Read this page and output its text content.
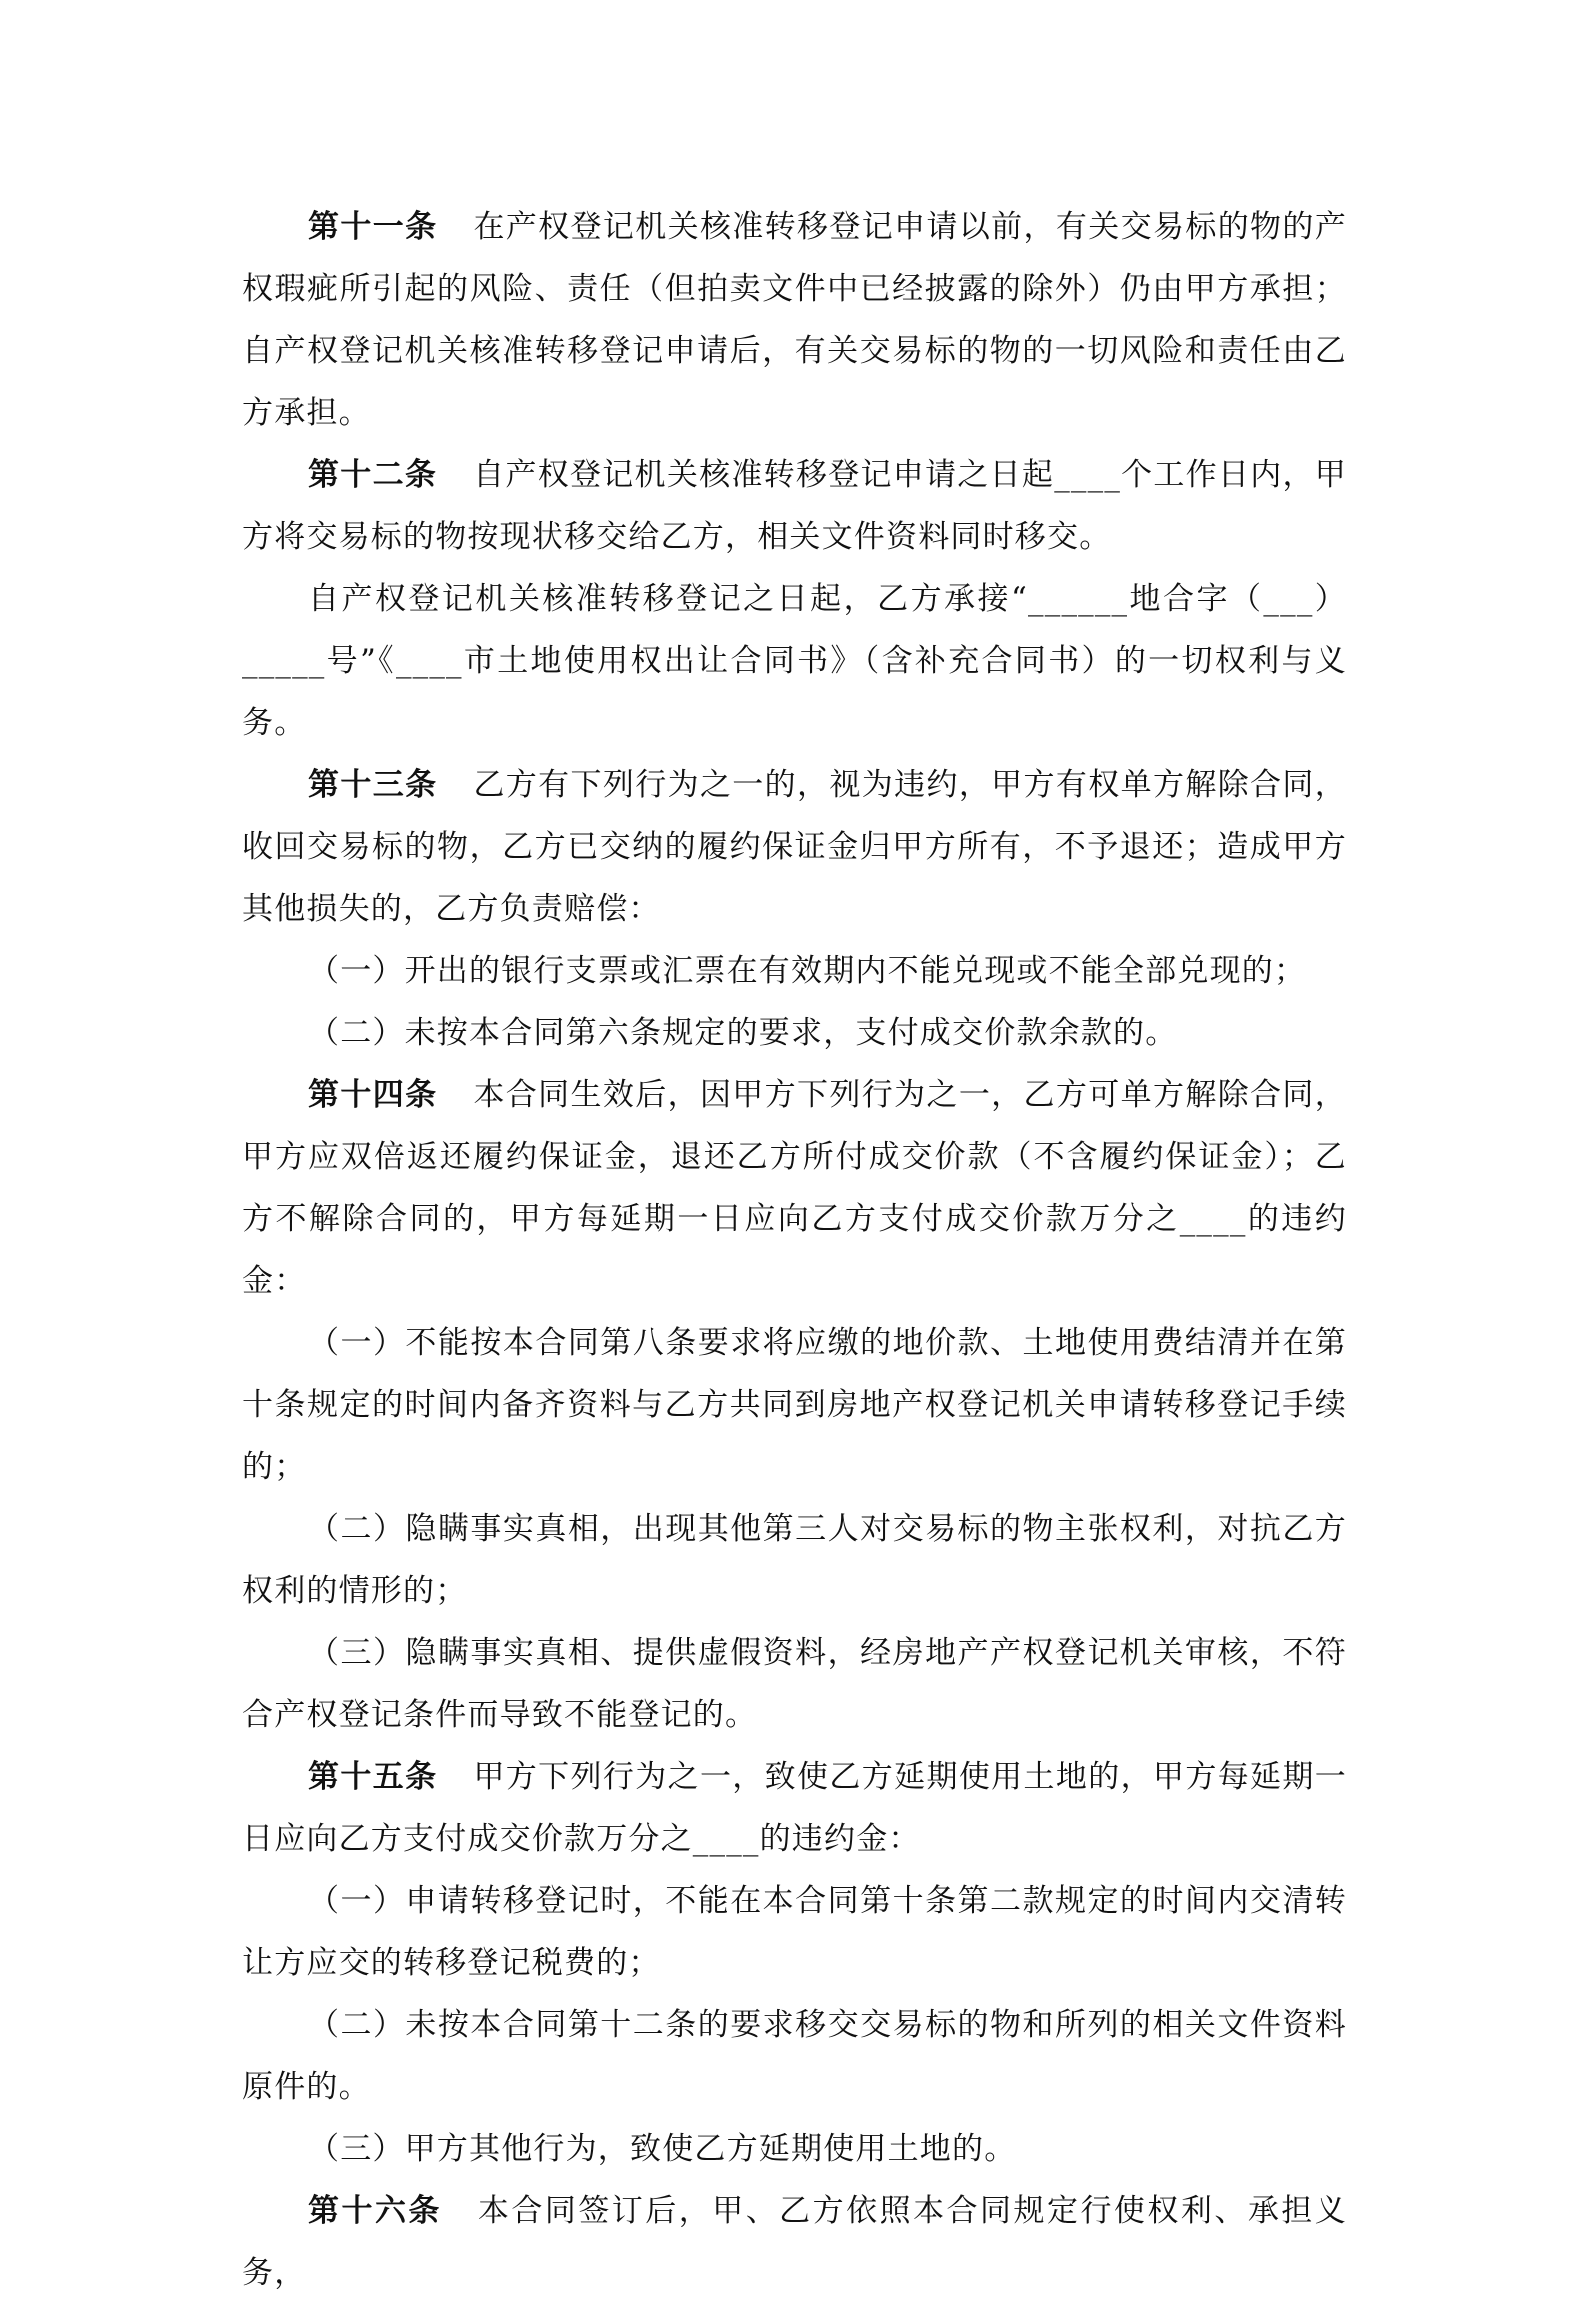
第十一条 在产权登记机关核准转移登记申请以前，有关交易标的物的产权瑕疵所引起的风险、责任（但拍卖文件中已经披露的除外）仍由甲方承担；自产权登记机关核准转移登记申请后，有关交易标的物的一切风险和责任由乙方承担。

第十二条 自产权登记机关核准转移登记申请之日起____个工作日内，甲方将交易标的物按现状移交给乙方，相关文件资料同时移交。

自产权登记机关核准转移登记之日起，乙方承接“______地合字（___）_____号”《____市土地使用权出让合同书》（含补充合同书）的一切权利与义务。

第十三条 乙方有下列行为之一的，视为违约，甲方有权单方解除合同，收回交易标的物，乙方已交纳的履约保证金归甲方所有，不予退还；造成甲方其他损失的，乙方负责赔偿：

（一）开出的银行支票或汇票在有效期内不能兑现或不能全部兑现的；

（二）未按本合同第六条规定的要求，支付成交价款余款的。

第十四条 本合同生效后，因甲方下列行为之一，乙方可单方解除合同，甲方应双倍返还履约保证金，退还乙方所付成交价款（不含履约保证金）；乙方不解除合同的，甲方每延期一日应向乙方支付成交价款万分之____的违约金：

（一）不能按本合同第八条要求将应缴的地价款、土地使用费结清并在第十条规定的时间内备齐资料与乙方共同到房地产权登记机关申请转移登记手续的；

（二）隐瞒事实真相，出现其他第三人对交易标的物主张权利，对抗乙方权利的情形的；

（三）隐瞒事实真相、提供虚假资料，经房地产产权登记机关审核，不符合产权登记条件而导致不能登记的。

第十五条 甲方下列行为之一，致使乙方延期使用土地的，甲方每延期一日应向乙方支付成交价款万分之____的违约金：

（一）申请转移登记时，不能在本合同第十条第二款规定的时间内交清转让方应交的转移登记税费的；

（二）未按本合同第十二条的要求移交交易标的物和所列的相关文件资料原件的。

（三）甲方其他行为，致使乙方延期使用土地的。

第十六条 本合同签订后，甲、乙方依照本合同规定行使权利、承担义务，
